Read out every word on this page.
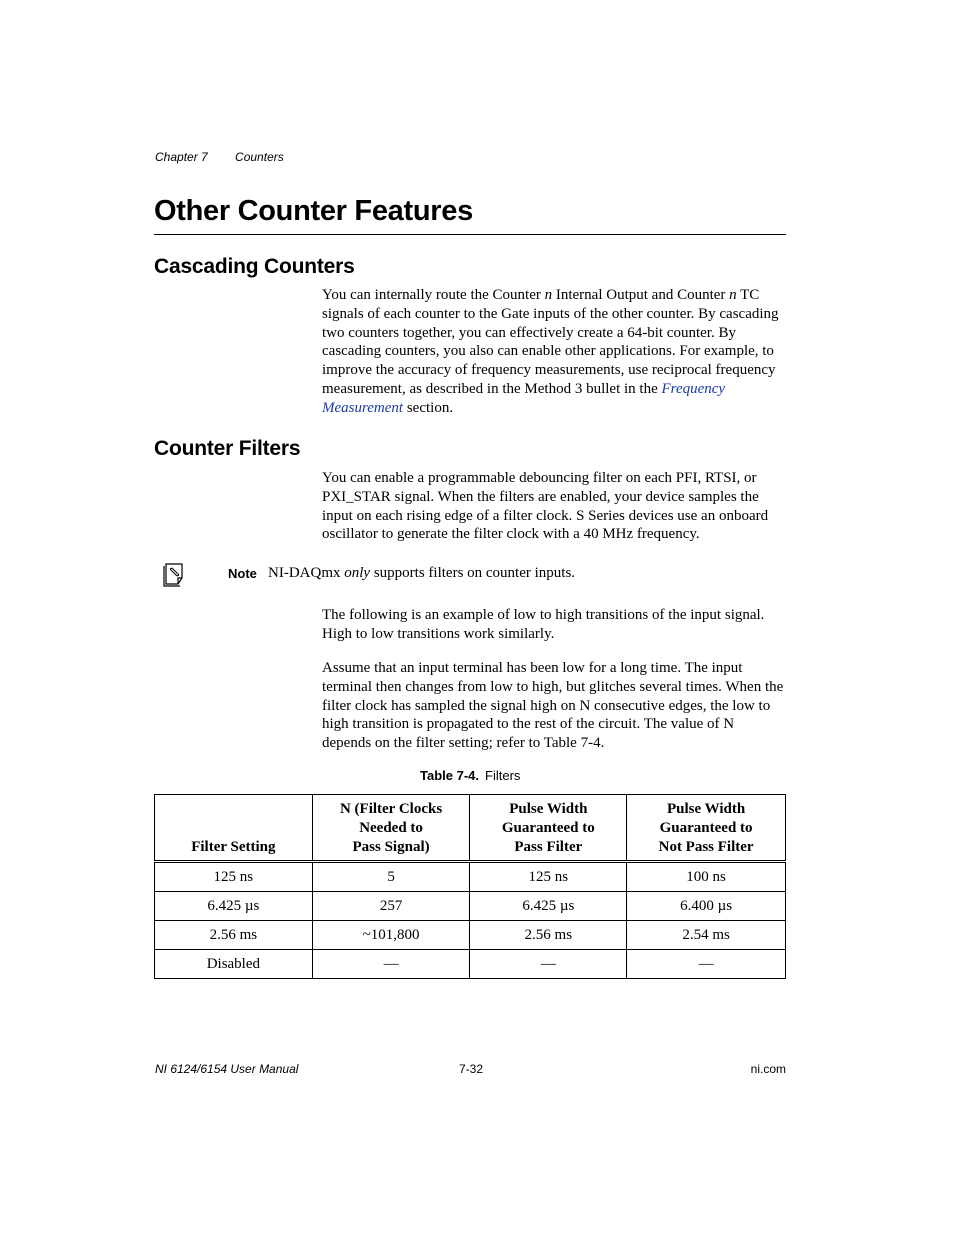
Chapter 7 Counters
Other Counter Features
Cascading Counters
You can internally route the Counter n Internal Output and Counter n TC signals of each counter to the Gate inputs of the other counter. By cascading two counters together, you can effectively create a 64-bit counter. By cascading counters, you also can enable other applications. For example, to improve the accuracy of frequency measurements, use reciprocal frequency measurement, as described in the Method 3 bullet in the Frequency Measurement section.
Counter Filters
You can enable a programmable debouncing filter on each PFI, RTSI, or PXI_STAR signal. When the filters are enabled, your device samples the input on each rising edge of a filter clock. S Series devices use an onboard oscillator to generate the filter clock with a 40 MHz frequency.
Note NI-DAQmx only supports filters on counter inputs.
The following is an example of low to high transitions of the input signal. High to low transitions work similarly.
Assume that an input terminal has been low for a long time. The input terminal then changes from low to high, but glitches several times. When the filter clock has sampled the signal high on N consecutive edges, the low to high transition is propagated to the rest of the circuit. The value of N depends on the filter setting; refer to Table 7-4.
Table 7-4. Filters
Filter Setting	N (Filter Clocks
Needed to
Pass Signal)	Pulse Width
Guaranteed to
Pass Filter	Pulse Width
Guaranteed to
Not Pass Filter
125 ns	5	125 ns	100 ns
6.425 µs	257	6.425 µs	6.400 µs
2.56 ms	~101,800	2.56 ms	2.54 ms
Disabled	—	—	—
NI 6124/6154 User Manual	7-32	ni.com
